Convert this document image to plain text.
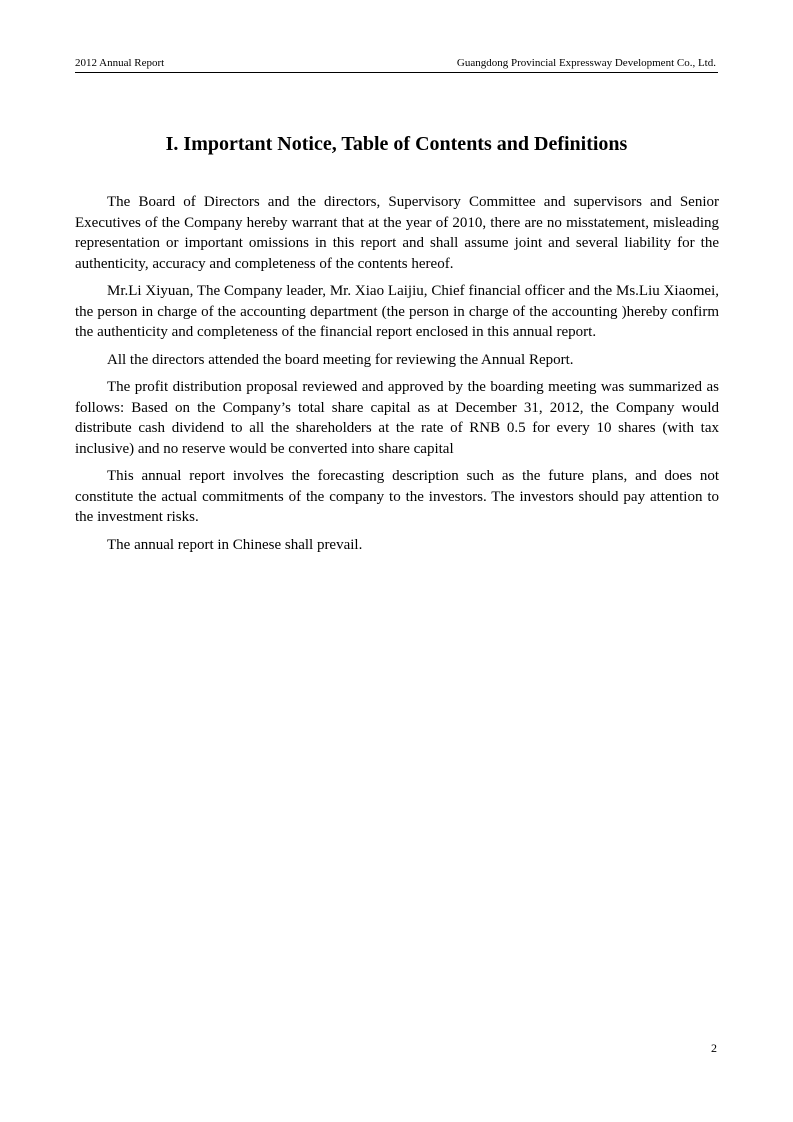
2012 Annual Report	Guangdong Provincial Expressway Development Co., Ltd.
I. Important Notice, Table of Contents and Definitions

The Board of Directors and the directors, Supervisory Committee and supervisors and Senior Executives of the Company hereby warrant that at the year of 2010, there are no misstatement, misleading representation or important omissions in this report and shall assume joint and several liability for the authenticity, accuracy and completeness of the contents hereof.

Mr.Li Xiyuan, The Company leader, Mr. Xiao Laijiu, Chief financial officer and the Ms.Liu Xiaomei, the person in charge of the accounting department (the person in charge of the accounting )hereby confirm the authenticity and completeness of the financial report enclosed in this annual report.

All the directors attended the board meeting for reviewing the Annual Report.

The profit distribution proposal reviewed and approved by the boarding meeting was summarized as follows: Based on the Company’s total share capital as at December 31, 2012, the Company would distribute cash dividend to all the shareholders at the rate of RNB 0.5 for every 10 shares (with tax inclusive) and no reserve would be converted into share capital

This annual report involves the forecasting description such as the future plans, and does not constitute the actual commitments of the company to the investors. The investors should pay attention to the investment risks.

The annual report in Chinese shall prevail.

2
